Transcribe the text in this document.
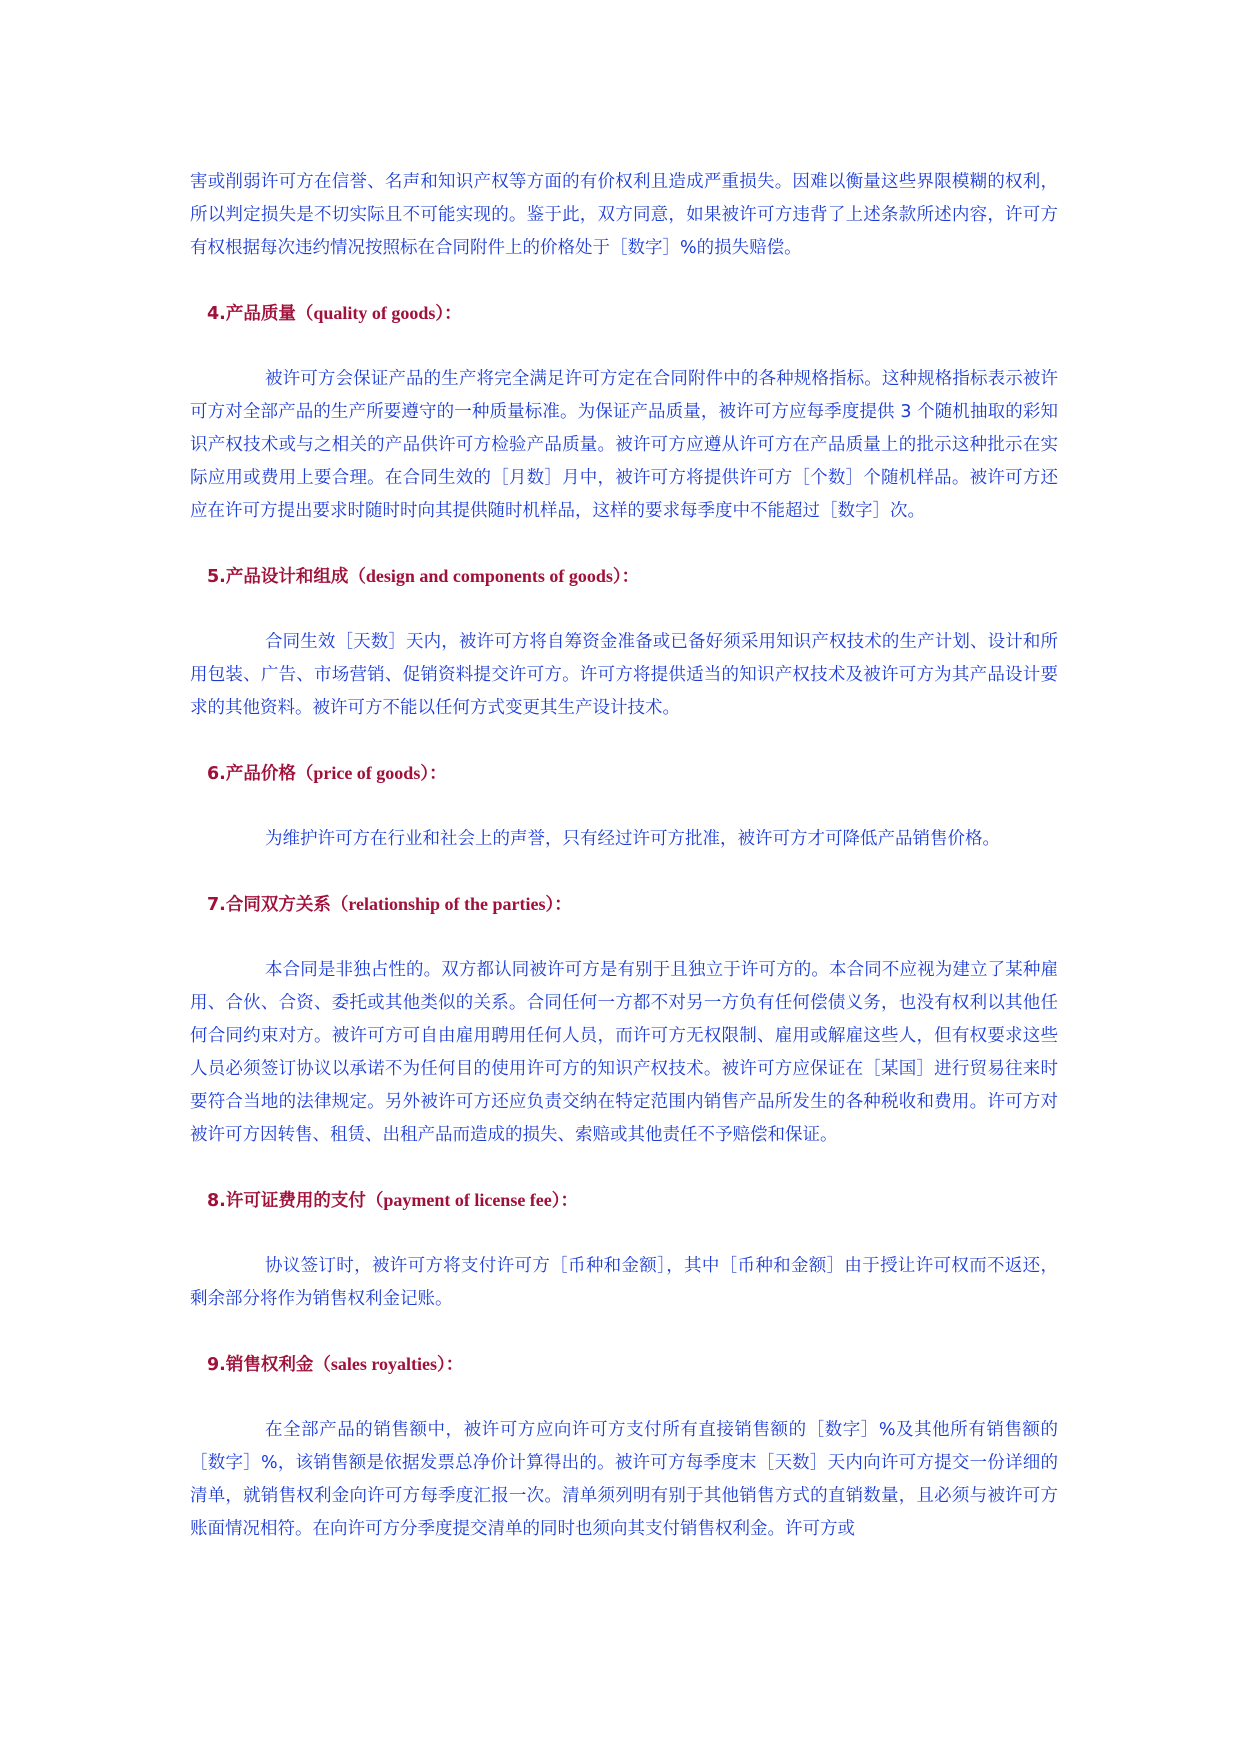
害或削弱许可方在信誉、名声和知识产权等方面的有价权利且造成严重损失。因难以衡量这些界限模糊的权利，所以判定损失是不切实际且不可能实现的。鉴于此，双方同意，如果被许可方违背了上述条款所述内容，许可方有权根据每次违约情况按照标在合同附件上的价格处于［数字］%的损失赔偿。

4.产品质量（quality of goods）：

被许可方会保证产品的生产将完全满足许可方定在合同附件中的各种规格指标。这种规格指标表示被许可方对全部产品的生产所要遵守的一种质量标准。为保证产品质量，被许可方应每季度提供 3 个随机抽取的彩知识产权技术或与之相关的产品供许可方检验产品质量。被许可方应遵从许可方在产品质量上的批示这种批示在实际应用或费用上要合理。在合同生效的［月数］月中，被许可方将提供许可方［个数］个随机样品。被许可方还应在许可方提出要求时随时时向其提供随时机样品，这样的要求每季度中不能超过［数字］次。

5.产品设计和组成（design and components of goods）：

合同生效［天数］天内，被许可方将自筹资金准备或已备好须采用知识产权技术的生产计划、设计和所用包装、广告、市场营销、促销资料提交许可方。许可方将提供适当的知识产权技术及被许可方为其产品设计要求的其他资料。被许可方不能以任何方式变更其生产设计技术。

6.产品价格（price of goods）：

为维护许可方在行业和社会上的声誉，只有经过许可方批准，被许可方才可降低产品销售价格。

7.合同双方关系（relationship of the parties）：

本合同是非独占性的。双方都认同被许可方是有别于且独立于许可方的。本合同不应视为建立了某种雇用、合伙、合资、委托或其他类似的关系。合同任何一方都不对另一方负有任何偿债义务，也没有权利以其他任何合同约束对方。被许可方可自由雇用聘用任何人员，而许可方无权限制、雇用或解雇这些人，但有权要求这些人员必须签订协议以承诺不为任何目的使用许可方的知识产权技术。被许可方应保证在［某国］进行贸易往来时要符合当地的法律规定。另外被许可方还应负责交纳在特定范围内销售产品所发生的各种税收和费用。许可方对被许可方因转售、租赁、出租产品而造成的损失、索赔或其他责任不予赔偿和保证。

8.许可证费用的支付（payment of license fee）：

协议签订时，被许可方将支付许可方［币种和金额］，其中［币种和金额］由于授让许可权而不返还，剩余部分将作为销售权利金记账。

9.销售权利金（sales royalties）：

在全部产品的销售额中，被许可方应向许可方支付所有直接销售额的［数字］%及其他所有销售额的［数字］%，该销售额是依据发票总净价计算得出的。被许可方每季度末［天数］天内向许可方提交一份详细的清单，就销售权利金向许可方每季度汇报一次。清单须列明有别于其他销售方式的直销数量，且必须与被许可方账面情况相符。在向许可方分季度提交清单的同时也须向其支付销售权利金。许可方或
